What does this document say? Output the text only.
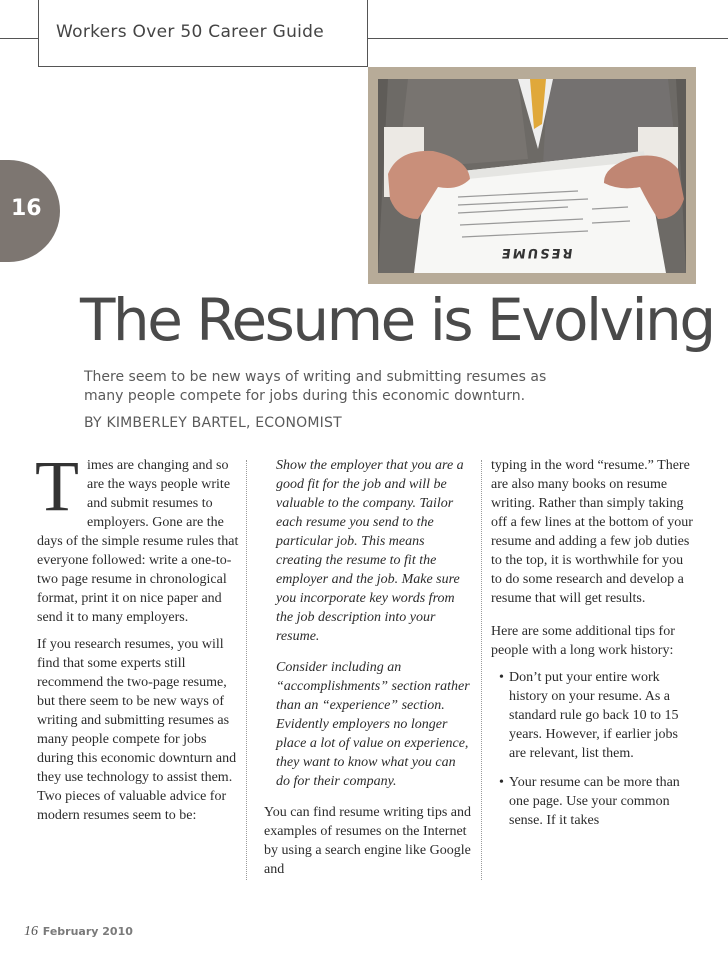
Workers Over 50 Career Guide
16
RESUME
The Resume is Evolving

There seem to be new ways of writing and submitting resumes as many people compete for jobs during this economic downturn.

BY KIMBERLEY BARTEL, ECONOMIST

Times are changing and so are the ways people write and submit resumes to employers. Gone are the days of the simple resume rules that everyone followed: write a one-to-two page resume in chronological format, print it on nice paper and send it to many employers.

If you research resumes, you will find that some experts still recommend the two-page resume, but there seem to be new ways of writing and submitting resumes as many people compete for jobs during this economic downturn and they use technology to assist them. Two pieces of valuable advice for modern resumes seem to be:

Show the employer that you are a good fit for the job and will be valuable to the company. Tailor each resume you send to the particular job. This means creating the resume to fit the employer and the job. Make sure you incorporate key words from the job description into your resume.

Consider including an “accomplishments” section rather than an “experience” section. Evidently employers no longer place a lot of value on experience, they want to know what you can do for their company.

You can find resume writing tips and examples of resumes on the Internet by using a search engine like Google and

typing in the word “resume.” There are also many books on resume writing. Rather than simply taking off a few lines at the bottom of your resume and adding a few job duties to the top, it is worthwhile for you to do some research and develop a resume that will get results.

Here are some additional tips for people with a long work history:

• Don’t put your entire work history on your resume. As a standard rule go back 10 to 15 years. However, if earlier jobs are relevant, list them.
• Your resume can be more than one page. Use your common sense. If it takes
16 February 2010
